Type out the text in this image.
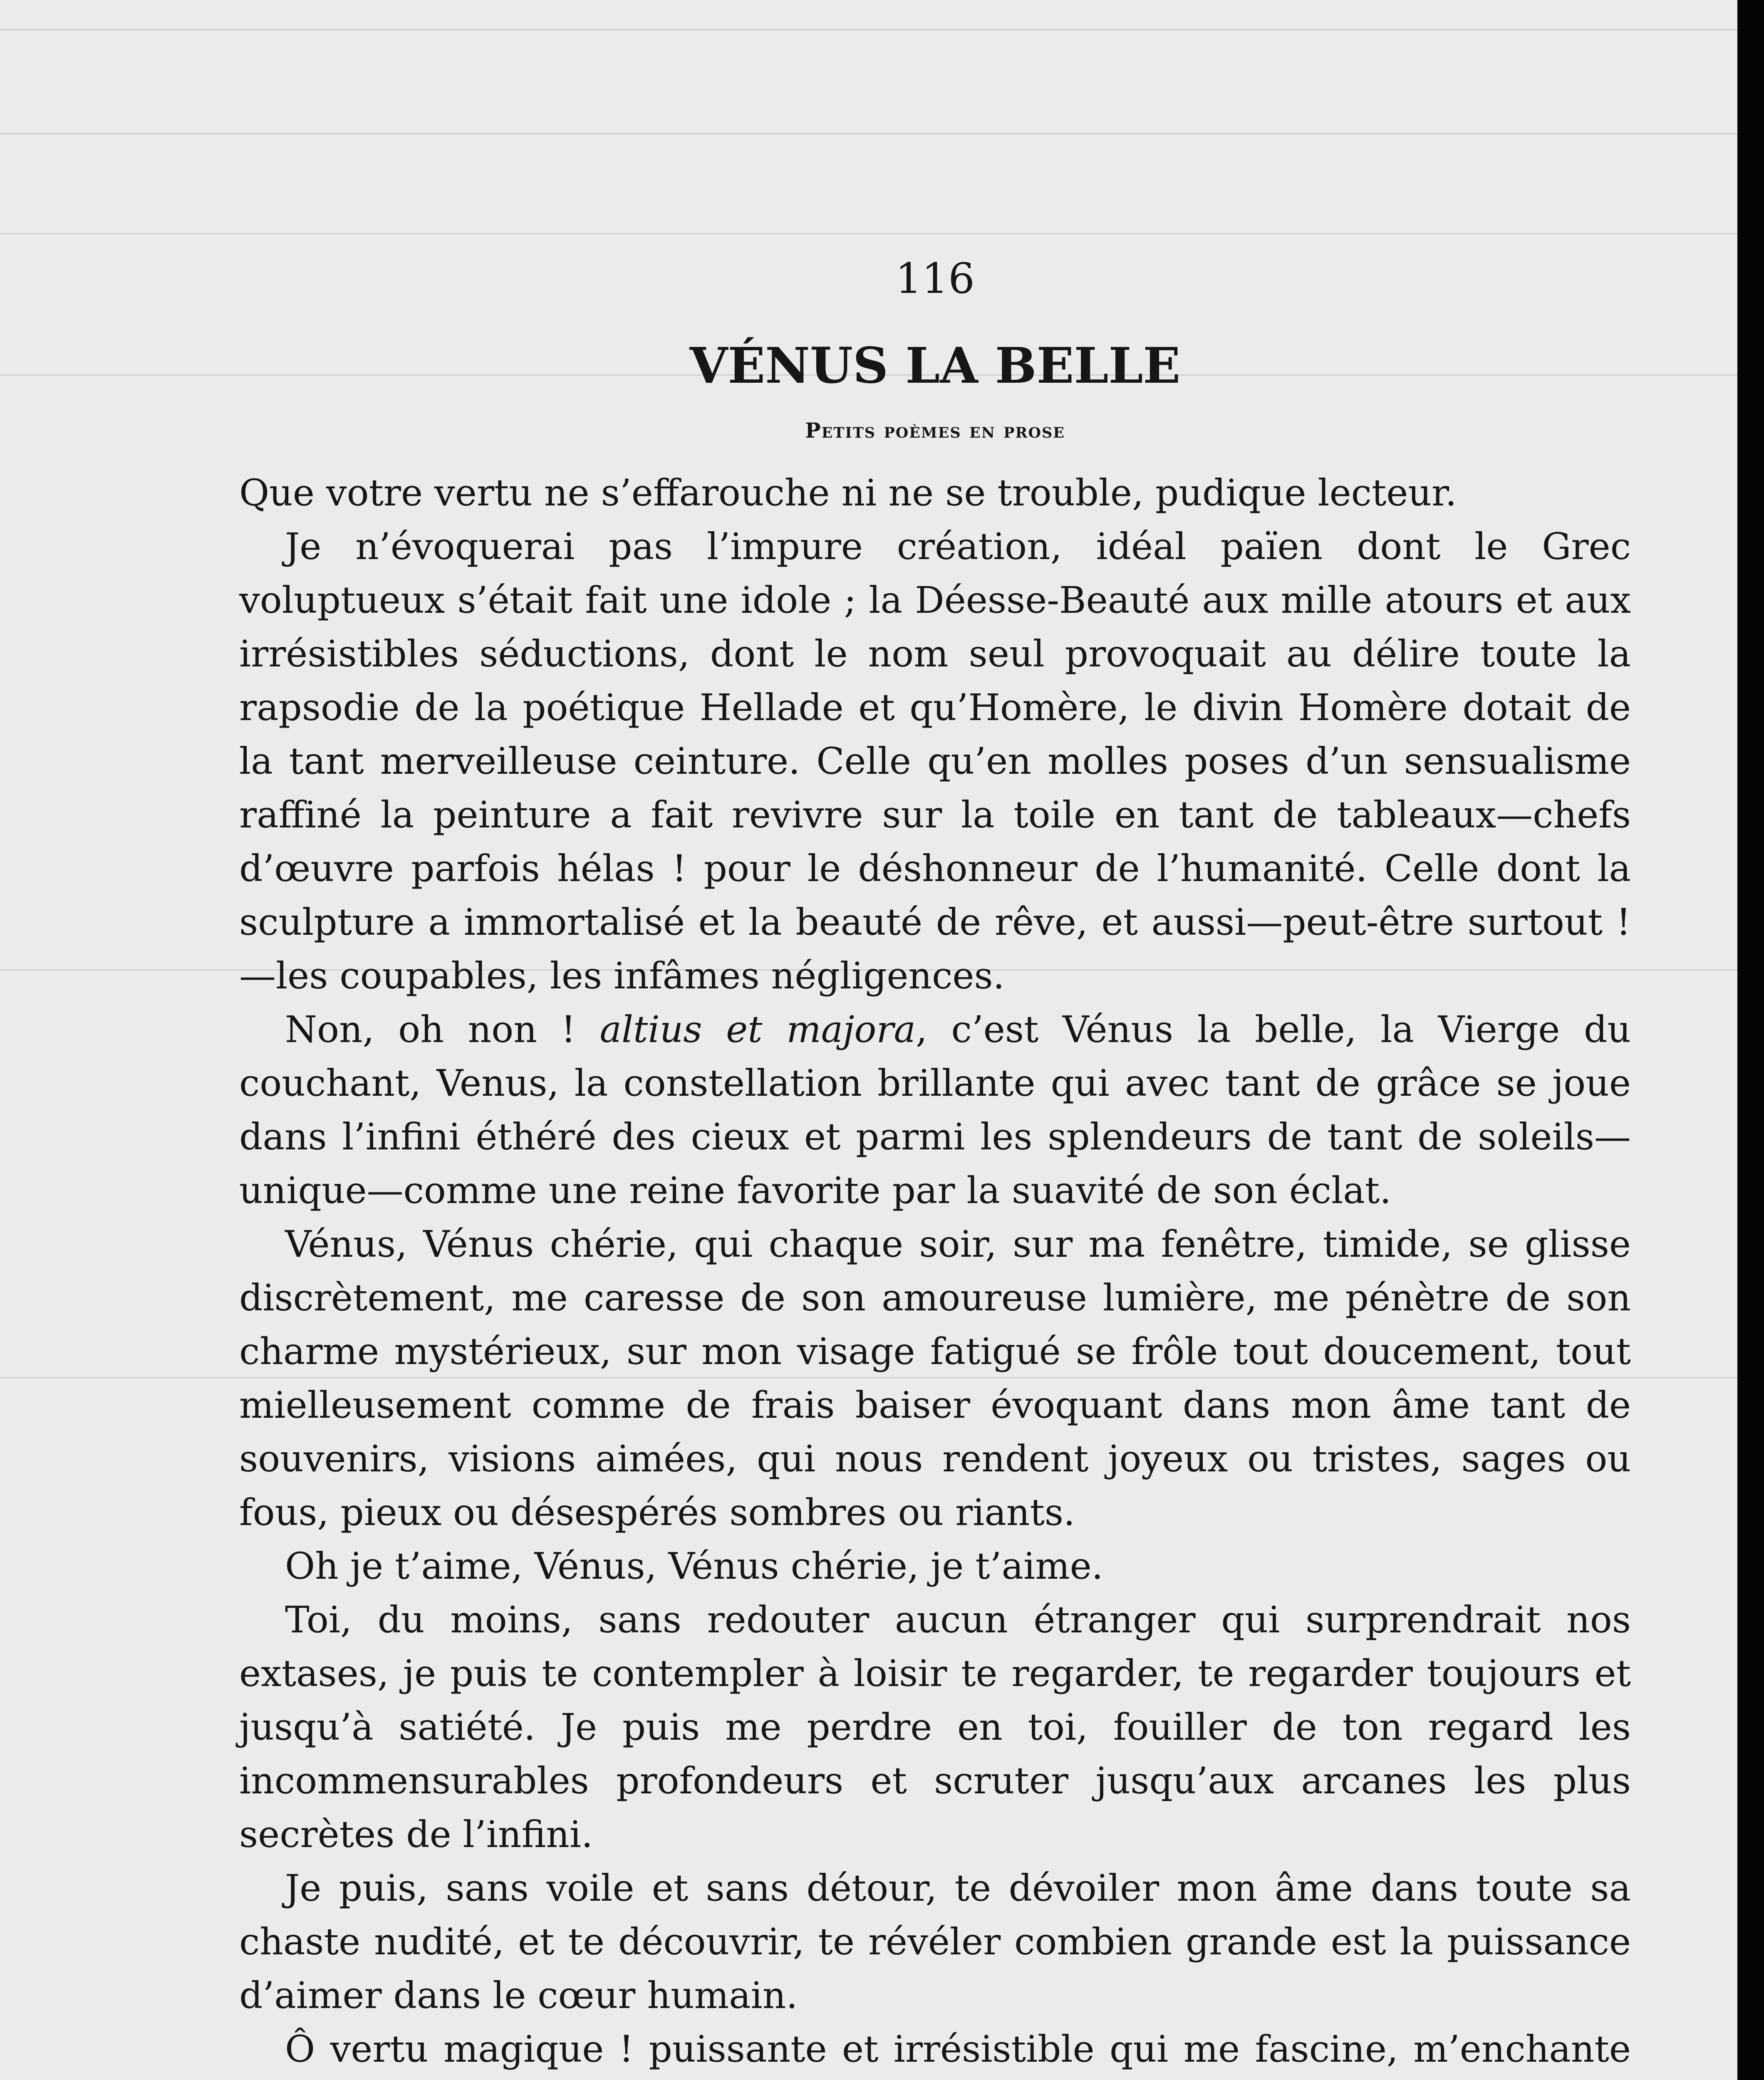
116
VÉNUS LA BELLE
Petits poèmes en prose

Que votre vertu ne s’effarouche ni ne se trouble, pudique lecteur.

Je n’évoquerai pas l’impure création, idéal païen dont le Grec voluptueux s’était fait une idole ; la Déesse-Beauté aux mille atours et aux irrésistibles séductions, dont le nom seul provoquait au délire toute la rapsodie de la poétique Hellade et qu’Homère, le divin Homère dotait de la tant merveilleuse ceinture. Celle qu’en molles poses d’un sensualisme raffiné la peinture a fait revivre sur la toile en tant de tableaux—chefs d’œuvre parfois hélas ! pour le déshonneur de l’humanité. Celle dont la sculpture a immortalisé et la beauté de rêve, et aussi—peut-être surtout !—les coupables, les infâmes négligences.

Non, oh non ! altius et majora, c’est Vénus la belle, la Vierge du couchant, Venus, la constellation brillante qui avec tant de grâce se joue dans l’infini éthéré des cieux et parmi les splendeurs de tant de soleils—unique—comme une reine favorite par la suavité de son éclat.

Vénus, Vénus chérie, qui chaque soir, sur ma fenêtre, timide, se glisse discrètement, me caresse de son amoureuse lumière, me pénètre de son charme mystérieux, sur mon visage fatigué se frôle tout doucement, tout mielleusement comme de frais baiser évoquant dans mon âme tant de souvenirs, visions aimées, qui nous rendent joyeux ou tristes, sages ou fous, pieux ou désespérés sombres ou riants.

Oh je t’aime, Vénus, Vénus chérie, je t’aime.

Toi, du moins, sans redouter aucun étranger qui surprendrait nos extases, je puis te contempler à loisir te regarder, te regarder toujours et jusqu’à satiété. Je puis me perdre en toi, fouiller de ton regard les incommensurables profondeurs et scruter jusqu’aux arcanes les plus secrètes de l’infini.

Je puis, sans voile et sans détour, te dévoiler mon âme dans toute sa chaste nudité, et te découvrir, te révéler combien grande est la puissance d’aimer dans le cœur humain.

Ô vertu magique ! puissante et irrésistible qui me fascine, m’enchante
